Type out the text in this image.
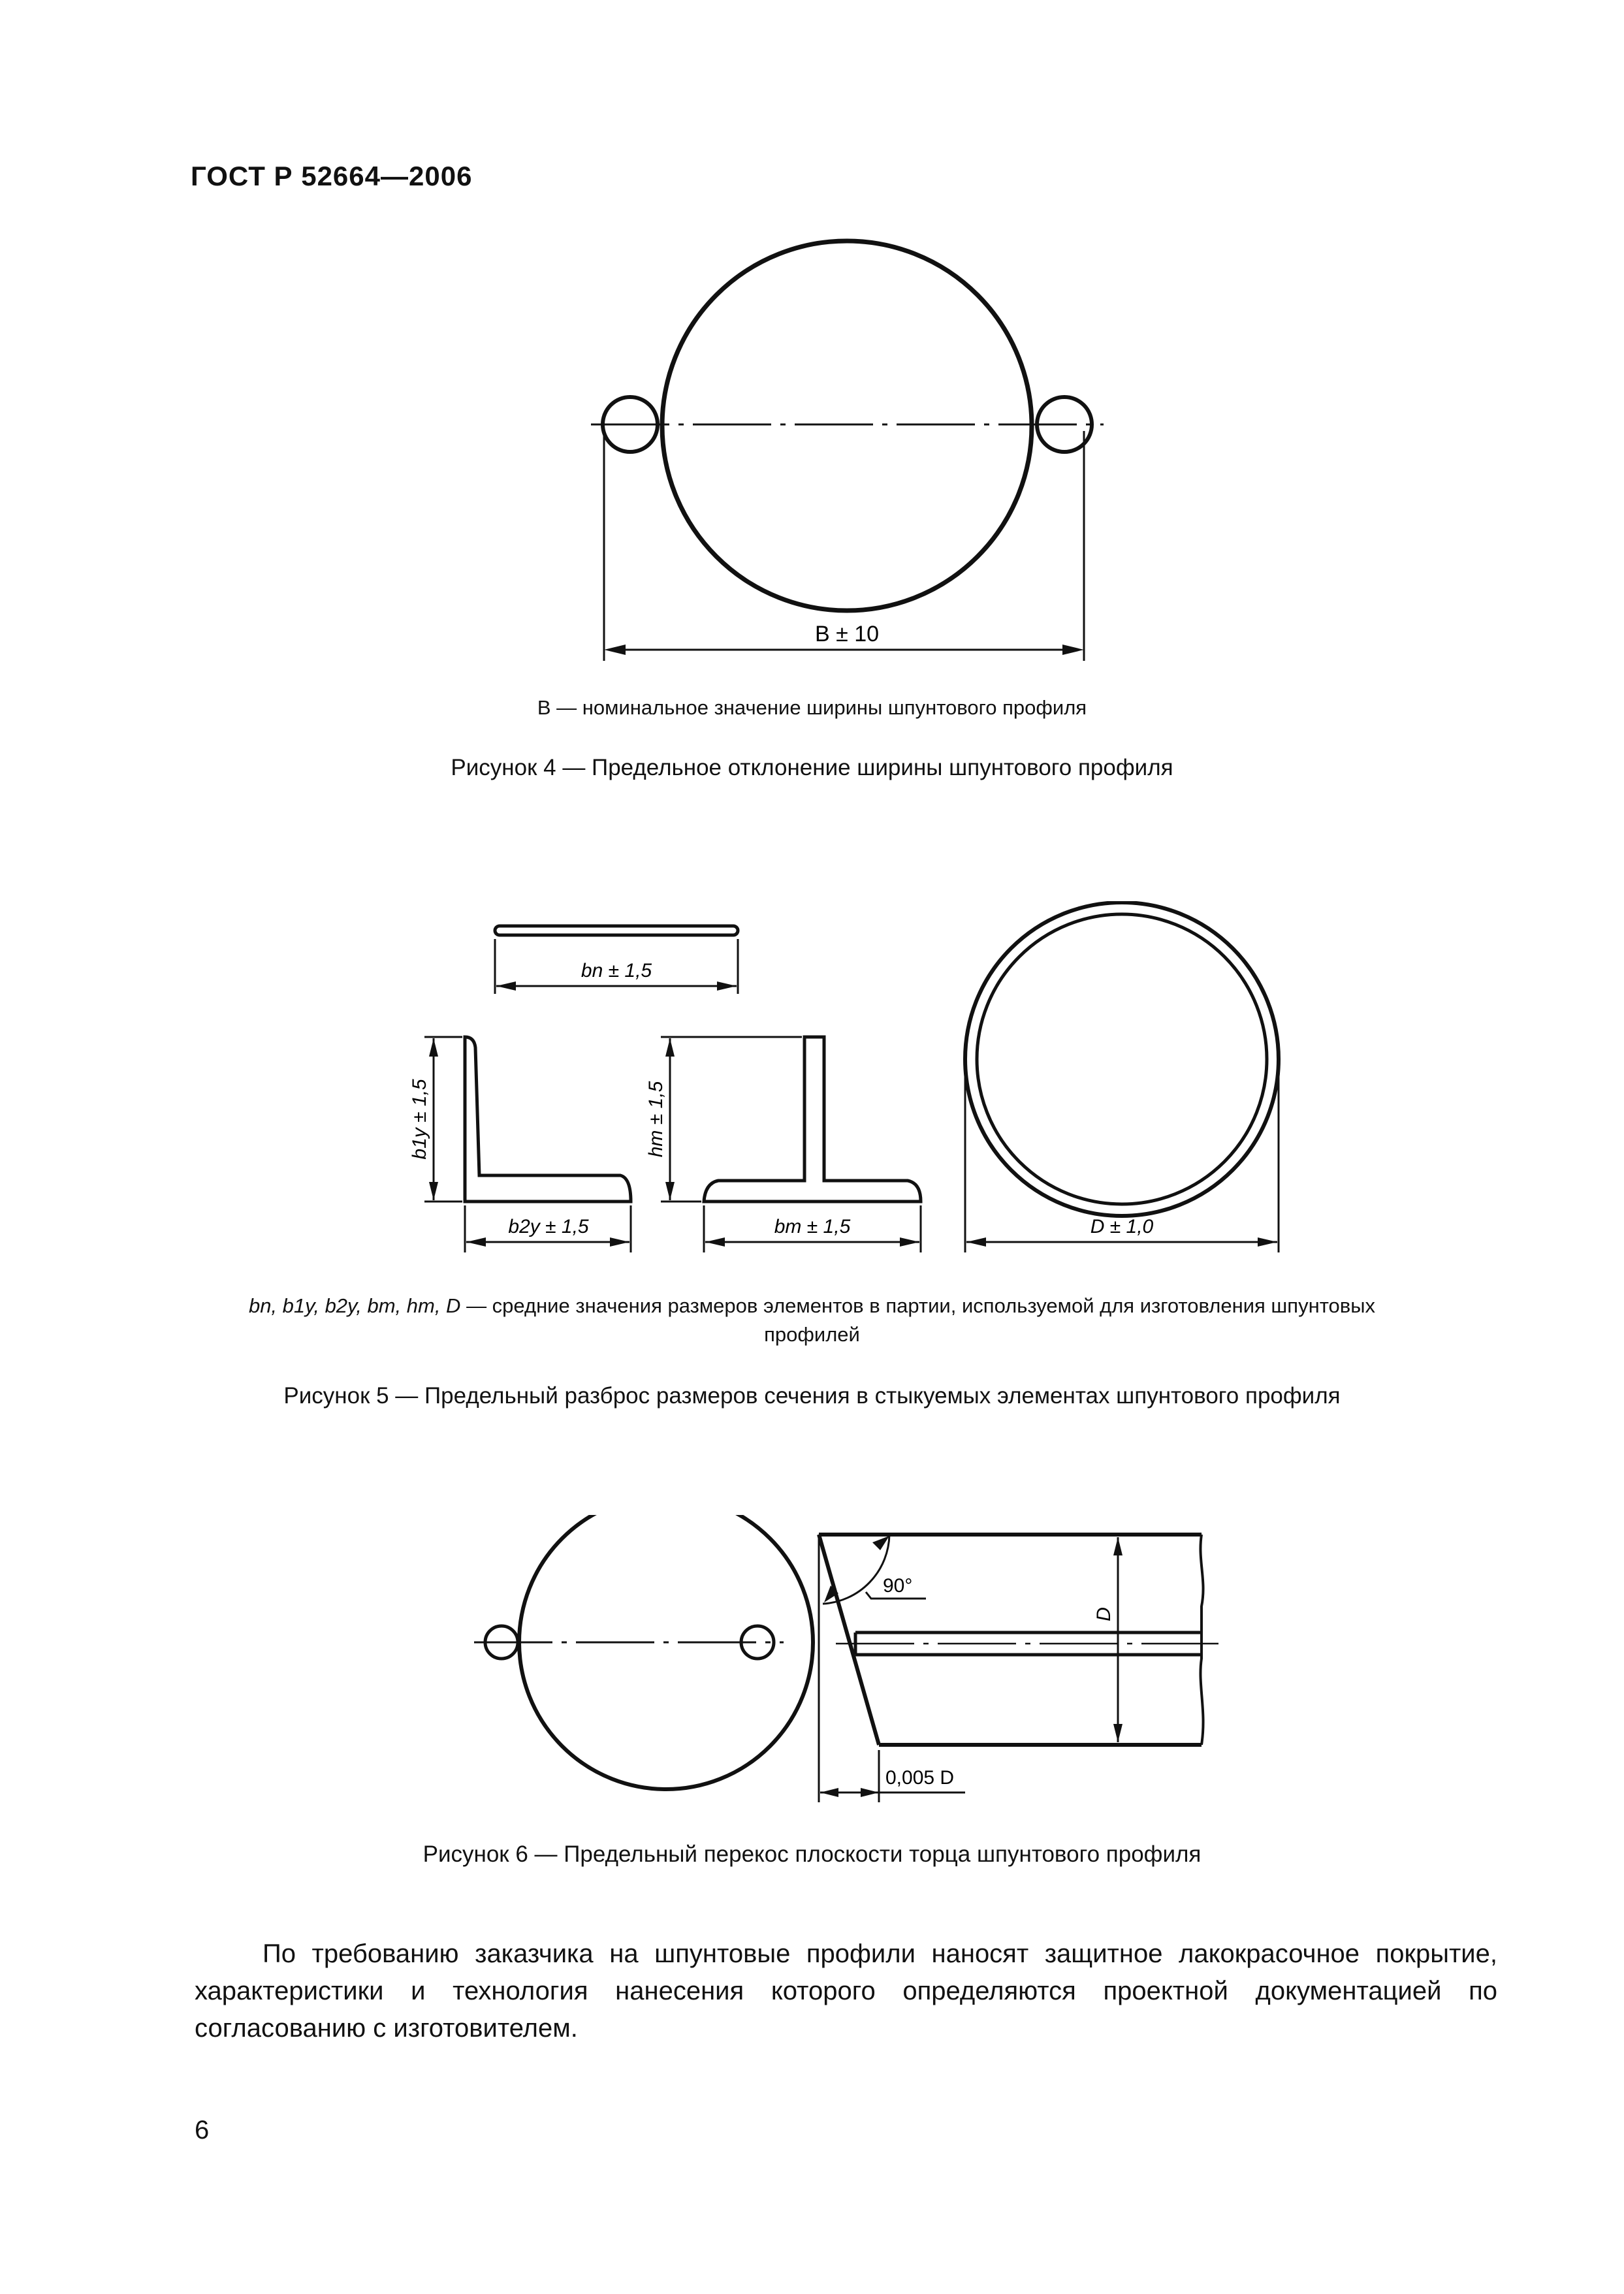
ГОСТ Р 52664—2006
B ± 10
B — номинальное значение ширины шпунтового профиля
Рисунок 4 — Предельное отклонение ширины шпунтового профиля
bn ± 1,5
b1y ± 1,5
b2y ± 1,5
hm ± 1,5
bm ± 1,5	D ± 1,0
bn, b1y, b2y, bm, hm, D — средние значения размеров элементов в партии, используемой для изготовления шпунтовых
профилей
Рисунок 5 — Предельный разброс размеров сечения в стыкуемых элементах шпунтового профиля
90°
D
0,005 D
Рисунок 6 — Предельный перекос плоскости торца шпунтового профиля

По требованию заказчика на шпунтовые профили наносят защитное лакокрасочное покрытие, характеристики и технология нанесения которого определяются проектной документацией по согласованию с изготовителем.

6
